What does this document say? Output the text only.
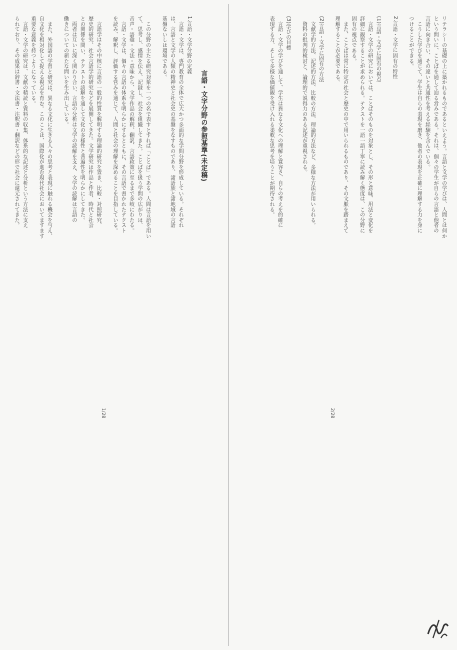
言語・文字分野の参照基準(未定稿)
1/28
1.言語・文学分野の定義
　言語・文学は、専門教育の全体で広大かつ多面的な学問分野を形成している。それぞれ
は、言語と文学の人類の精神史と社会史の基盤をなすものであり、諸語族と諸地域の言語
基盤ないしは環境である。
　この分野の主たる研究対象を一つの名で表すとすれば「ことば」である。人間は言語を用い
て、思考し、感情を伝え、記録し、社会を組織してきた。ことばを扱う学問の広がりは、
音声・語彙・文法・意味から、文学作品の解釈、翻訳、言語政策に至るまで多岐にわたる。
　言語・文学は、個々の言語の体系を明らかにするとともに、その言語で書かれたテクスト
を読み、解釈し、評価する営みを通じて、人間と社会の理解を深めることを目指している。
　言語学はその中核に言語の一般的性質を解明する理論的研究を置き、比較・対照研究、
歴史的研究、社会言語学的研究などを展開してきた。文学研究は作品と作者、時代と社会
との関係を問い、テクストの読解を通して文化の多様性と普遍性を明らかにしてきた。
　両者は互いに深く関わり合い、言語の分析は文学の読解を支え、文学の読解は言語の
働きについての新たな問いを生み出している。
　また、外国語の学習と研究は、異なる文化に生きる人々の思考と表現に触れる機会を与え、
自文化を相対化して捉える視点を育む。このことは、国際化が進む現代社会においてますます
重要な意義を持つようになっている。
　言語・文学の研究は、文献の精読と資料の収集、体系的な記述と分析という方法に支え
られており、その成果は辞書・文法書・注釈書・翻訳などの形で社会に還元されてきた。
2/28
リテラシーの基礎の上に築かれるものであるといえよう。言語と文学の学びは、人間とは何か
という問いに、ことばを通して迫る営みである。それは、個々の学生が自らの言語と他者の
言語に向き合い、その違いと共通性を考える経験を含んでいる。
　こうした学びを通じて、学生は自らの表現を磨き、他者の表現を正確に理解する力を身に
つけることができる。
2.言語・文学に固有の特性
(1)言語・文学に固有の視点
　言語・文学の研究においては、ことばそのものを対象とし、その形と意味、用法と変化を
詳細に観察することが求められる。テクストを一語一語丁寧に読み解く態度は、この分野に
固有の視点である。
　また、ことばは常に特定の社会と歴史の中で用いられるものであり、その文脈を踏まえて
理解することが必要である。
(2)言語・文学に固有の方法
　文献学的方法、記述的方法、比較の方法、理論的方法など、多様な方法が用いられる。
　資料の批判的検討と、論理的で説得力のある記述が重視される。
(3)学びの目標
　言語・文学の学びを通して、学生は異なる文化への理解と寛容さ、自らの考えを的確に
表現する力、そして多様な価値観を受け入れる柔軟な思考を培うことが期待される。
